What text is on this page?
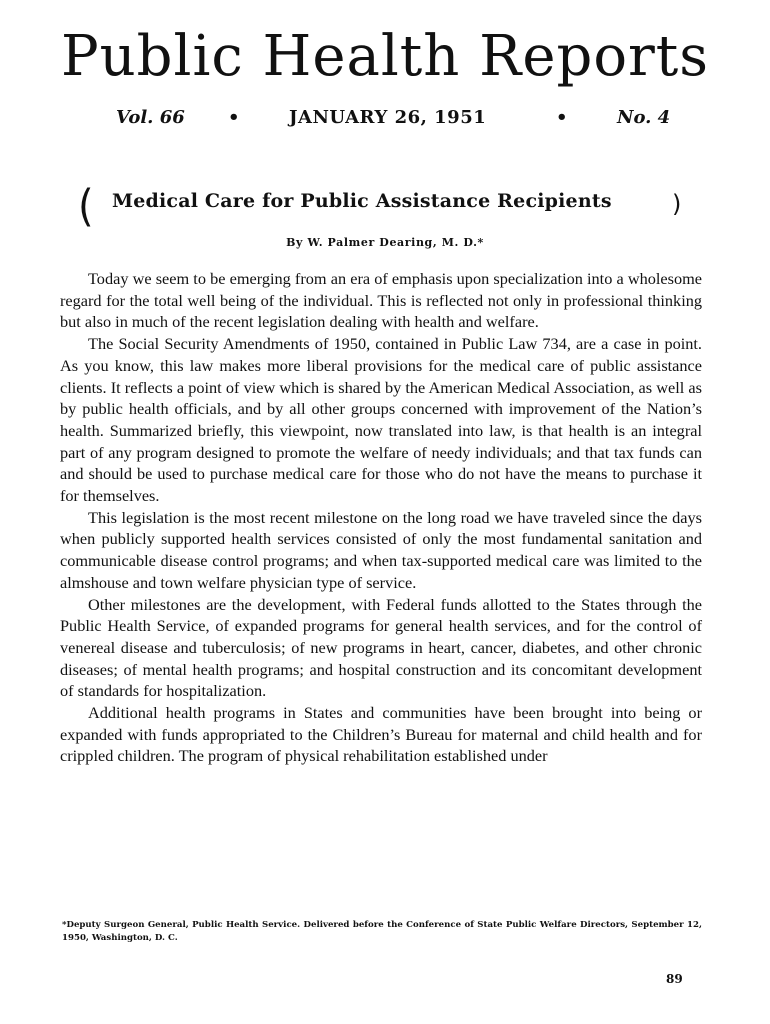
Public Health Reports
Vol. 66 •	JANUARY 26, 1951	•	No. 4
( Medical Care for Public Assistance Recipients	)
By W. Palmer Dearing, M. D.*

Today we seem to be emerging from an era of emphasis upon specialization into a wholesome regard for the total well being of the individual. This is reflected not only in professional thinking but also in much of the recent legislation dealing with health and welfare.

The Social Security Amendments of 1950, contained in Public Law 734, are a case in point. As you know, this law makes more liberal provisions for the medical care of public assistance clients. It reflects a point of view which is shared by the American Medical Association, as well as by public health officials, and by all other groups concerned with improvement of the Nation’s health. Summarized briefly, this viewpoint, now translated into law, is that health is an integral part of any program designed to promote the welfare of needy individuals; and that tax funds can and should be used to purchase medical care for those who do not have the means to purchase it for themselves.

This legislation is the most recent milestone on the long road we have traveled since the days when publicly supported health services consisted of only the most fundamental sanitation and communicable disease control programs; and when tax-supported medical care was limited to the almshouse and town welfare physician type of service.

Other milestones are the development, with Federal funds allotted to the States through the Public Health Service, of expanded programs for general health services, and for the control of venereal disease and tuberculosis; of new programs in heart, cancer, diabetes, and other chronic diseases; of mental health programs; and hospital construction and its concomitant development of standards for hospitalization.

Additional health programs in States and communities have been brought into being or expanded with funds appropriated to the Children’s Bureau for maternal and child health and for crippled children. The program of physical rehabilitation established under

*Deputy Surgeon General, Public Health Service. Delivered before the Conference of State Public Welfare Directors, September 12, 1950, Washington, D. C.
89
